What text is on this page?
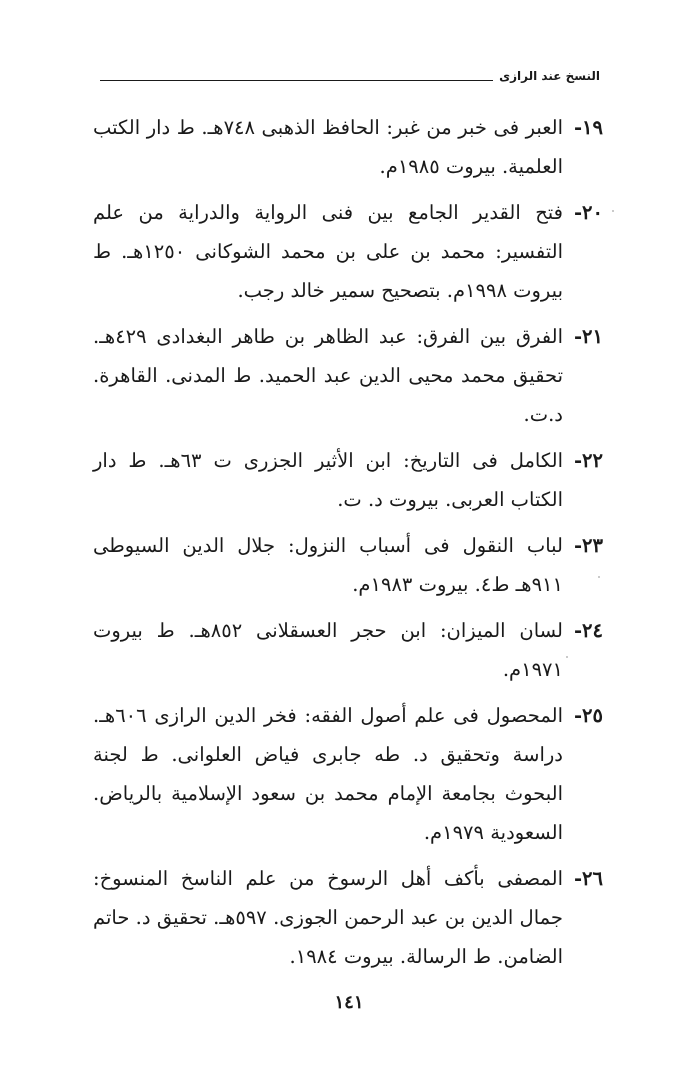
النسخ عند الرازى
١٩-
العبر فى خبر من غبر: الحافظ الذهبى ٧٤٨هـ. ط دار الكتب العلمية. بيروت ١٩٨٥م.
٢٠-
فتح القدير الجامع بين فنى الرواية والدراية من علم التفسير: محمد بن على بن محمد الشوكانى ١٢٥٠هـ. ط بيروت ١٩٩٨م. بتصحيح سمير خالد رجب.
٢١-
الفرق بين الفرق: عبد الظاهر بن طاهر البغدادى ٤٢٩هـ. تحقيق محمد محيى الدين عبد الحميد. ط المدنى. القاهرة. د.ت.
٢٢-
الكامل فى التاريخ: ابن الأثير الجزرى ت ٦٣هـ. ط دار الكتاب العربى. بيروت د. ت.
٢٣-
لباب النقول فى أسباب النزول: جلال الدين السيوطى ٩١١هـ ط٤. بيروت ١٩٨٣م.
٢٤-
لسان الميزان: ابن حجر العسقلانى ٨٥٢هـ. ط بيروت ١٩٧١م.
٢٥-
المحصول فى علم أصول الفقه: فخر الدين الرازى ٦٠٦هـ. دراسة وتحقيق د. طه جابرى فياض العلوانى. ط لجنة البحوث بجامعة الإمام محمد بن سعود الإسلامية بالرياض. السعودية ١٩٧٩م.
٢٦-
المصفى بأكف أهل الرسوخ من علم الناسخ المنسوخ: جمال الدين بن عبد الرحمن الجوزى. ٥٩٧هـ. تحقيق د. حاتم الضامن. ط الرسالة. بيروت ١٩٨٤.
١٤١
